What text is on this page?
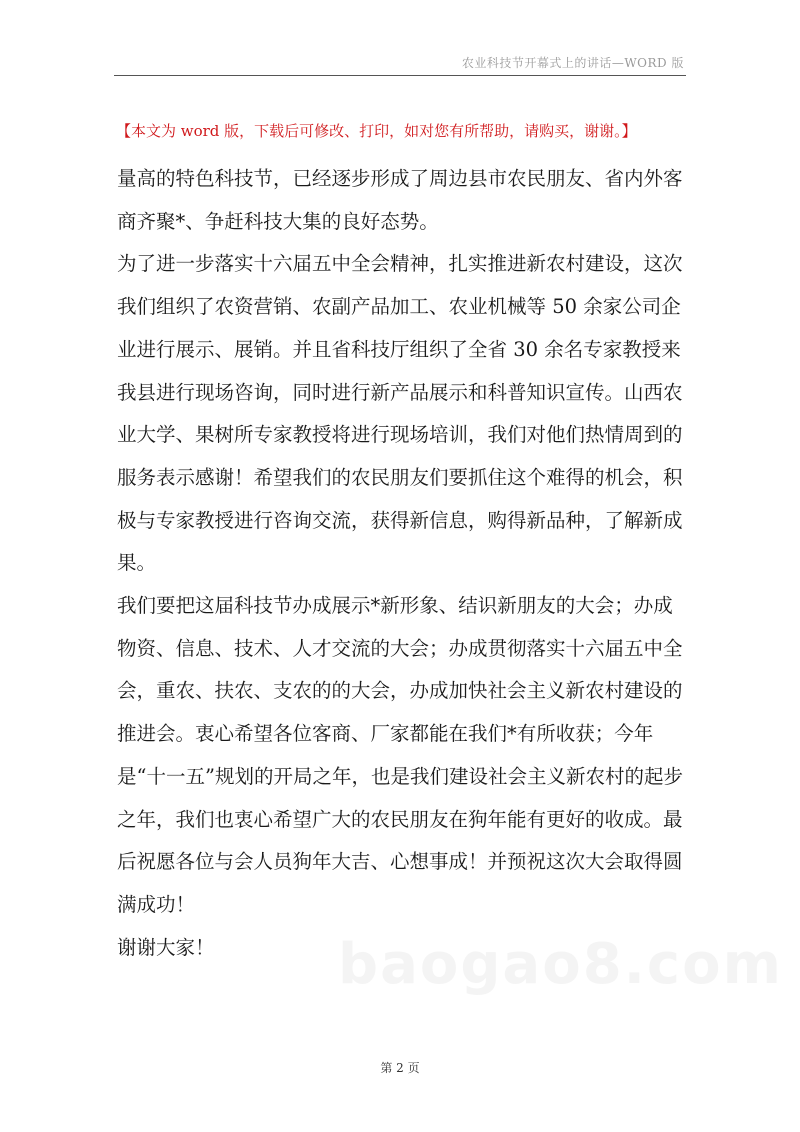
农业科技节开幕式上的讲话—WORD 版
【本文为 word 版，下载后可修改、打印，如对您有所帮助，请购买，谢谢。】

量高的特色科技节，已经逐步形成了周边县市农民朋友、省内外客商齐聚*、争赶科技大集的良好态势。

为了进一步落实十六届五中全会精神，扎实推进新农村建设，这次我们组织了农资营销、农副产品加工、农业机械等 50 余家公司企业进行展示、展销。并且省科技厅组织了全省 30 余名专家教授来我县进行现场咨询，同时进行新产品展示和科普知识宣传。山西农业大学、果树所专家教授将进行现场培训，我们对他们热情周到的服务表示感谢！希望我们的农民朋友们要抓住这个难得的机会，积极与专家教授进行咨询交流，获得新信息，购得新品种，了解新成果。

我们要把这届科技节办成展示*新形象、结识新朋友的大会；办成物资、信息、技术、人才交流的大会；办成贯彻落实十六届五中全会，重农、扶农、支农的的大会，办成加快社会主义新农村建设的推进会。衷心希望各位客商、厂家都能在我们*有所收获；今年是“十一五”规划的开局之年，也是我们建设社会主义新农村的起步之年，我们也衷心希望广大的农民朋友在狗年能有更好的收成。最后祝愿各位与会人员狗年大吉、心想事成！并预祝这次大会取得圆满成功！

谢谢大家！	baogao8.com
第 2 页
